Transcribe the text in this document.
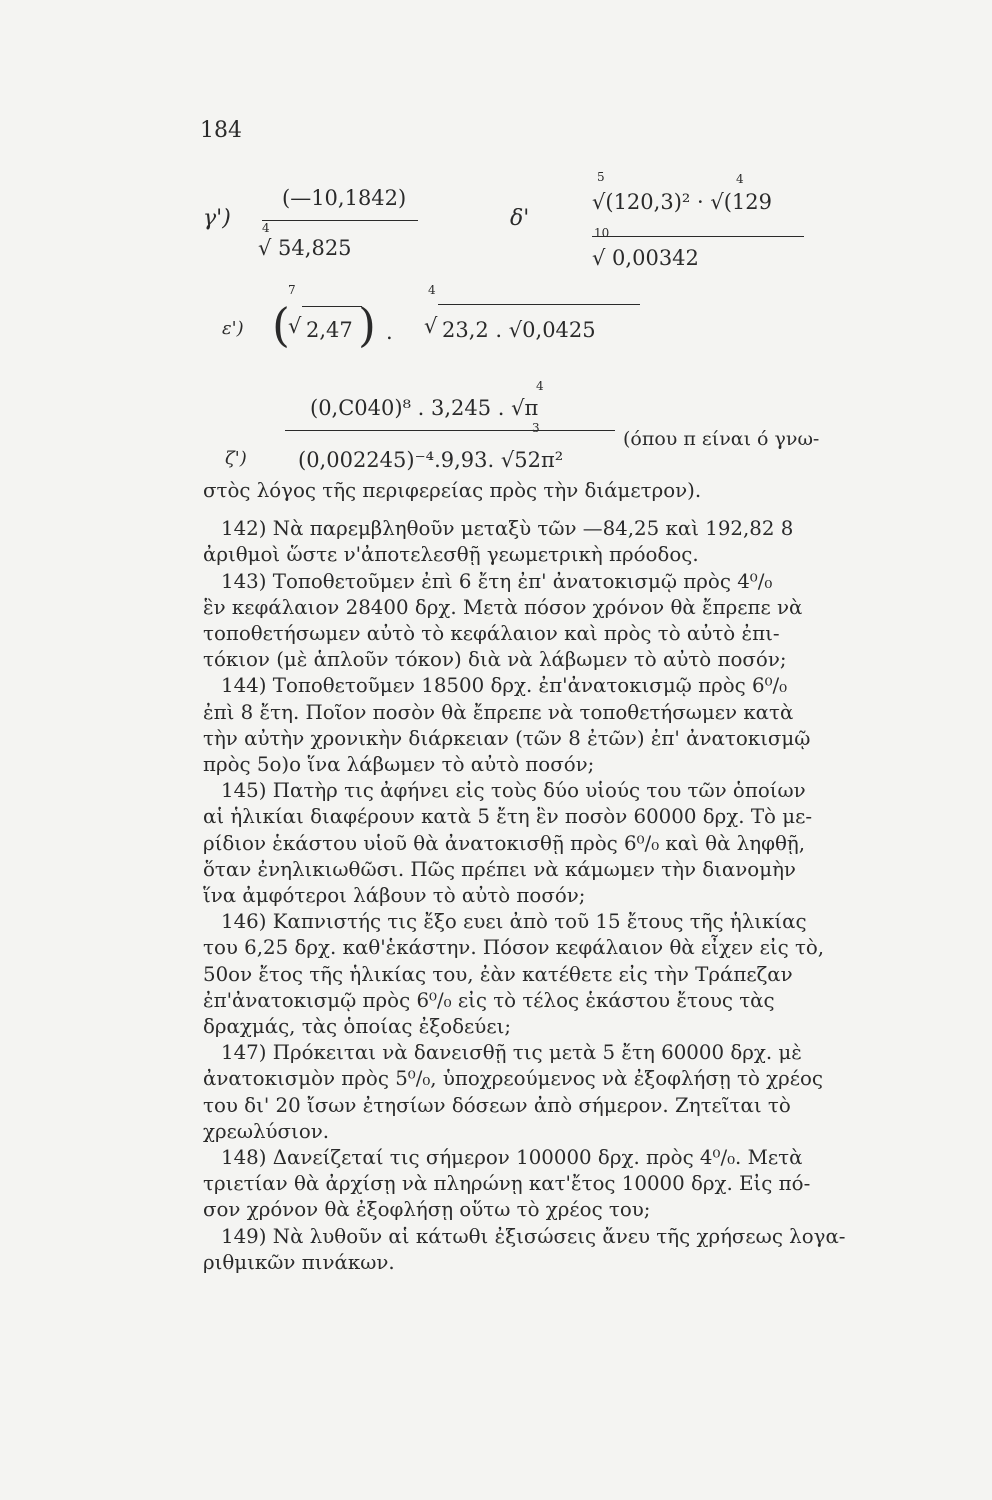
184
γ')
(—10,1842)
4
√ 54,825
δ'
5	4
√(120,3)² · √(129
10
√ 0,00342
ε')
7	4
(
√ 2,47 ) . √ 23,2 . √0,0425
4
(0,C040)⁸ . 3,245 . √π
ζ')
3
(0,002245)⁻⁴.9,93. √52π²
(όπου π είναι ό γνω-
στὸς λόγος τῆς περιφερείας πρὸς τὴν διάμετρον).
142) Νὰ παρεμβληθοῦν μεταξὺ τῶν —84,25 καὶ 192,82 8
ἀριθμοὶ ὥστε ν'ἀποτελεσθῇ γεωμετρικὴ πρόοδος.
143) Τοποθετοῦμεν ἐπὶ 6 ἔτη ἐπ' ἀνατοκισμῷ πρὸς 4⁰/₀
ἓν κεφάλαιον 28400 δρχ. Μετὰ πόσον χρόνον θὰ ἔπρεπε νὰ
τοποθετήσωμεν αὐτὸ τὸ κεφάλαιον καὶ πρὸς τὸ αὐτὸ ἐπι-
τόκιον (μὲ ἁπλοῦν τόκον) διὰ νὰ λάβωμεν τὸ αὐτὸ ποσόν;
144) Τοποθετοῦμεν 18500 δρχ. ἐπ'ἀνατοκισμῷ πρὸς 6⁰/₀
ἐπὶ 8 ἔτη. Ποῖον ποσὸν θὰ ἔπρεπε νὰ τοποθετήσωμεν κατὰ
τὴν αὐτὴν χρονικὴν διάρκειαν (τῶν 8 ἐτῶν) ἐπ' ἀνατοκισμῷ
πρὸς 5ο)ο ἵνα λάβωμεν τὸ αὐτὸ ποσόν;
145) Πατὴρ τις ἀφήνει εἰς τοὺς δύο υἱούς του τῶν ὁποίων
αἱ ἡλικίαι διαφέρουν κατὰ 5 ἔτη ἓν ποσὸν 60000 δρχ. Τὸ με-
ρίδιον ἑκάστου υἱοῦ θὰ ἀνατοκισθῇ πρὸς 6⁰/₀ καὶ θὰ ληφθῇ,
ὅταν ἐνηλικιωθῶσι. Πῶς πρέπει νὰ κάμωμεν τὴν διανομὴν
ἵνα ἀμφότεροι λάβουν τὸ αὐτὸ ποσόν;
146) Καπνιστής τις ἔξο ευει ἀπὸ τοῦ 15 ἔτους τῆς ἡλικίας
του 6,25 δρχ. καθ'ἑκάστην. Πόσον κεφάλαιον θὰ εἶχεν εἰς τὸ,
50ον ἔτος τῆς ἡλικίας του, ἐὰν κατέθετε εἰς τὴν Τράπεζαν
ἐπ'ἀνατοκισμῷ πρὸς 6⁰/₀ εἰς τὸ τέλος ἑκάστου ἔτους τὰς
δραχμάς, τὰς ὁποίας ἐξοδεύει;
147) Πρόκειται νὰ δανεισθῇ τις μετὰ 5 ἔτη 60000 δρχ. μὲ
ἀνατοκισμὸν πρὸς 5⁰/₀, ὑποχρεούμενος νὰ ἐξοφλήσῃ τὸ χρέος
του δι' 20 ἴσων ἐτησίων δόσεων ἀπὸ σήμερον. Ζητεῖται τὸ
χρεωλύσιον.
148) Δανείζεταί τις σήμερον 100000 δρχ. πρὸς 4⁰/₀. Μετὰ
τριετίαν θὰ ἀρχίσῃ νὰ πληρώνῃ κατ'ἔτος 10000 δρχ. Εἰς πό-
σον χρόνον θὰ ἐξοφλήσῃ οὕτω τὸ χρέος του;
149) Νὰ λυθοῦν αἱ κάτωθι ἐξισώσεις ἄνευ τῆς χρήσεως λογα-
ριθμικῶν πινάκων.
